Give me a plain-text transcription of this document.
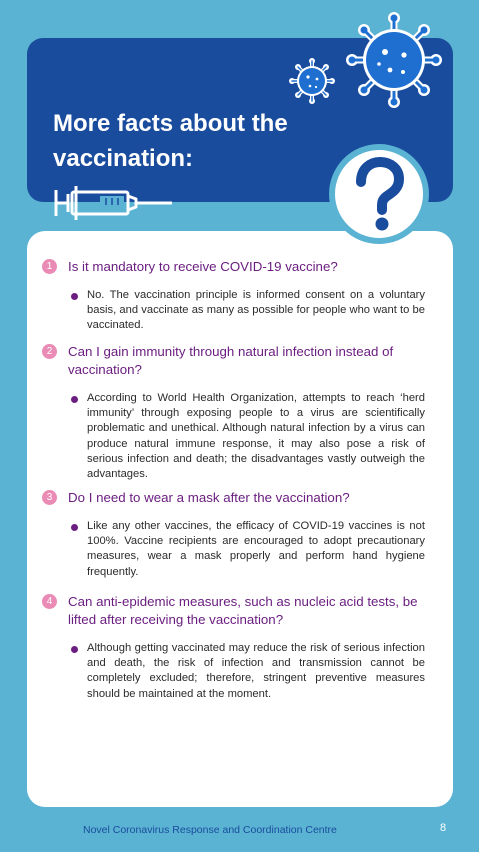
More facts about the vaccination:
1	Is it mandatory to receive COVID-19 vaccine?
No. The vaccination principle is informed consent on a voluntary basis, and vaccinate as many as possible for people who want to be vaccinated.
2	Can I gain immunity through natural infection instead of vaccination?
According to World Health Organization, attempts to reach ‘herd immunity’ through exposing people to a virus are scientifically problematic and unethical. Although natural infection by a virus can produce natural immune response, it may also pose a risk of serious infection and death; the disadvantages vastly outweigh the advantages.
3	Do I need to wear a mask after the vaccination?
Like any other vaccines, the efficacy of COVID-19 vaccines is not 100%. Vaccine recipients are encouraged to adopt precautionary measures, wear a mask properly and perform hand hygiene frequently.
4	Can anti-epidemic measures, such as nucleic acid tests, be lifted after receiving the vaccination?
Although getting vaccinated may reduce the risk of serious infection and death, the risk of infection and transmission cannot be completely excluded; therefore, stringent preventive measures should be maintained at the moment.
Novel Coronavirus Response and Coordination Centre	8
